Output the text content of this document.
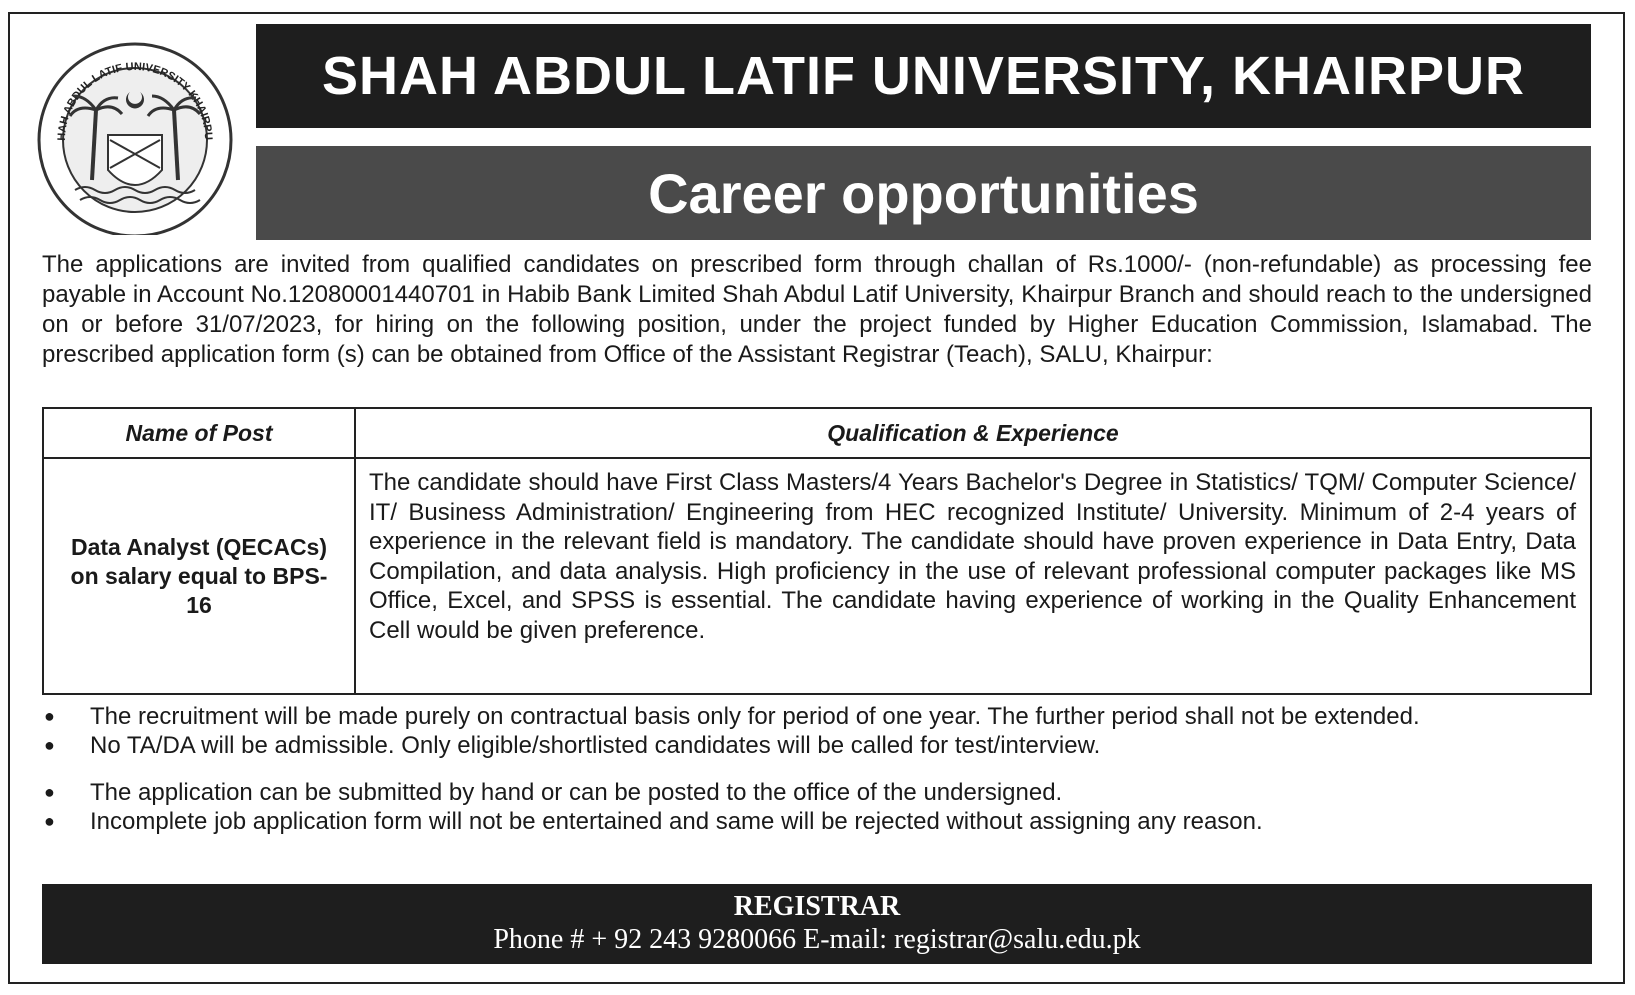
HAH ABDUL LATIF UNIVERSITY KHAIRPU
SHAH ABDUL LATIF UNIVERSITY, KHAIRPUR
Career opportunities
The applications are invited from qualified candidates on prescribed form through challan of Rs.1000/- (non-refundable) as processing fee payable in Account No.12080001440701 in Habib Bank Limited Shah Abdul Latif University, Khairpur Branch and should reach to the undersigned on or before 31/07/2023, for hiring on the following position, under the project funded by Higher Education Commission, Islamabad. The prescribed application form (s) can be obtained from Office of the Assistant Registrar (Teach), SALU, Khairpur:
Name of Post	Qualification & Experience
Data Analyst (QECACs) on salary equal to BPS-16
The candidate should have First Class Masters/4 Years Bachelor's Degree in Statistics/ TQM/ Computer Science/ IT/ Business Administration/ Engineering from HEC recognized Institute/ University. Minimum of 2-4 years of experience in the relevant field is mandatory. The candidate should have proven experience in Data Entry, Data Compilation, and data analysis. High proficiency in the use of relevant professional computer packages like MS Office, Excel, and SPSS is essential. The candidate having experience of working in the Quality Enhancement Cell would be given preference.
● The recruitment will be made purely on contractual basis only for period of one year. The further period shall not be extended.
● No TA/DA will be admissible. Only eligible/shortlisted candidates will be called for test/interview.
● The application can be submitted by hand or can be posted to the office of the undersigned.
● Incomplete job application form will not be entertained and same will be rejected without assigning any reason.
REGISTRAR
Phone # + 92 243 9280066 E-mail: registrar@salu.edu.pk
